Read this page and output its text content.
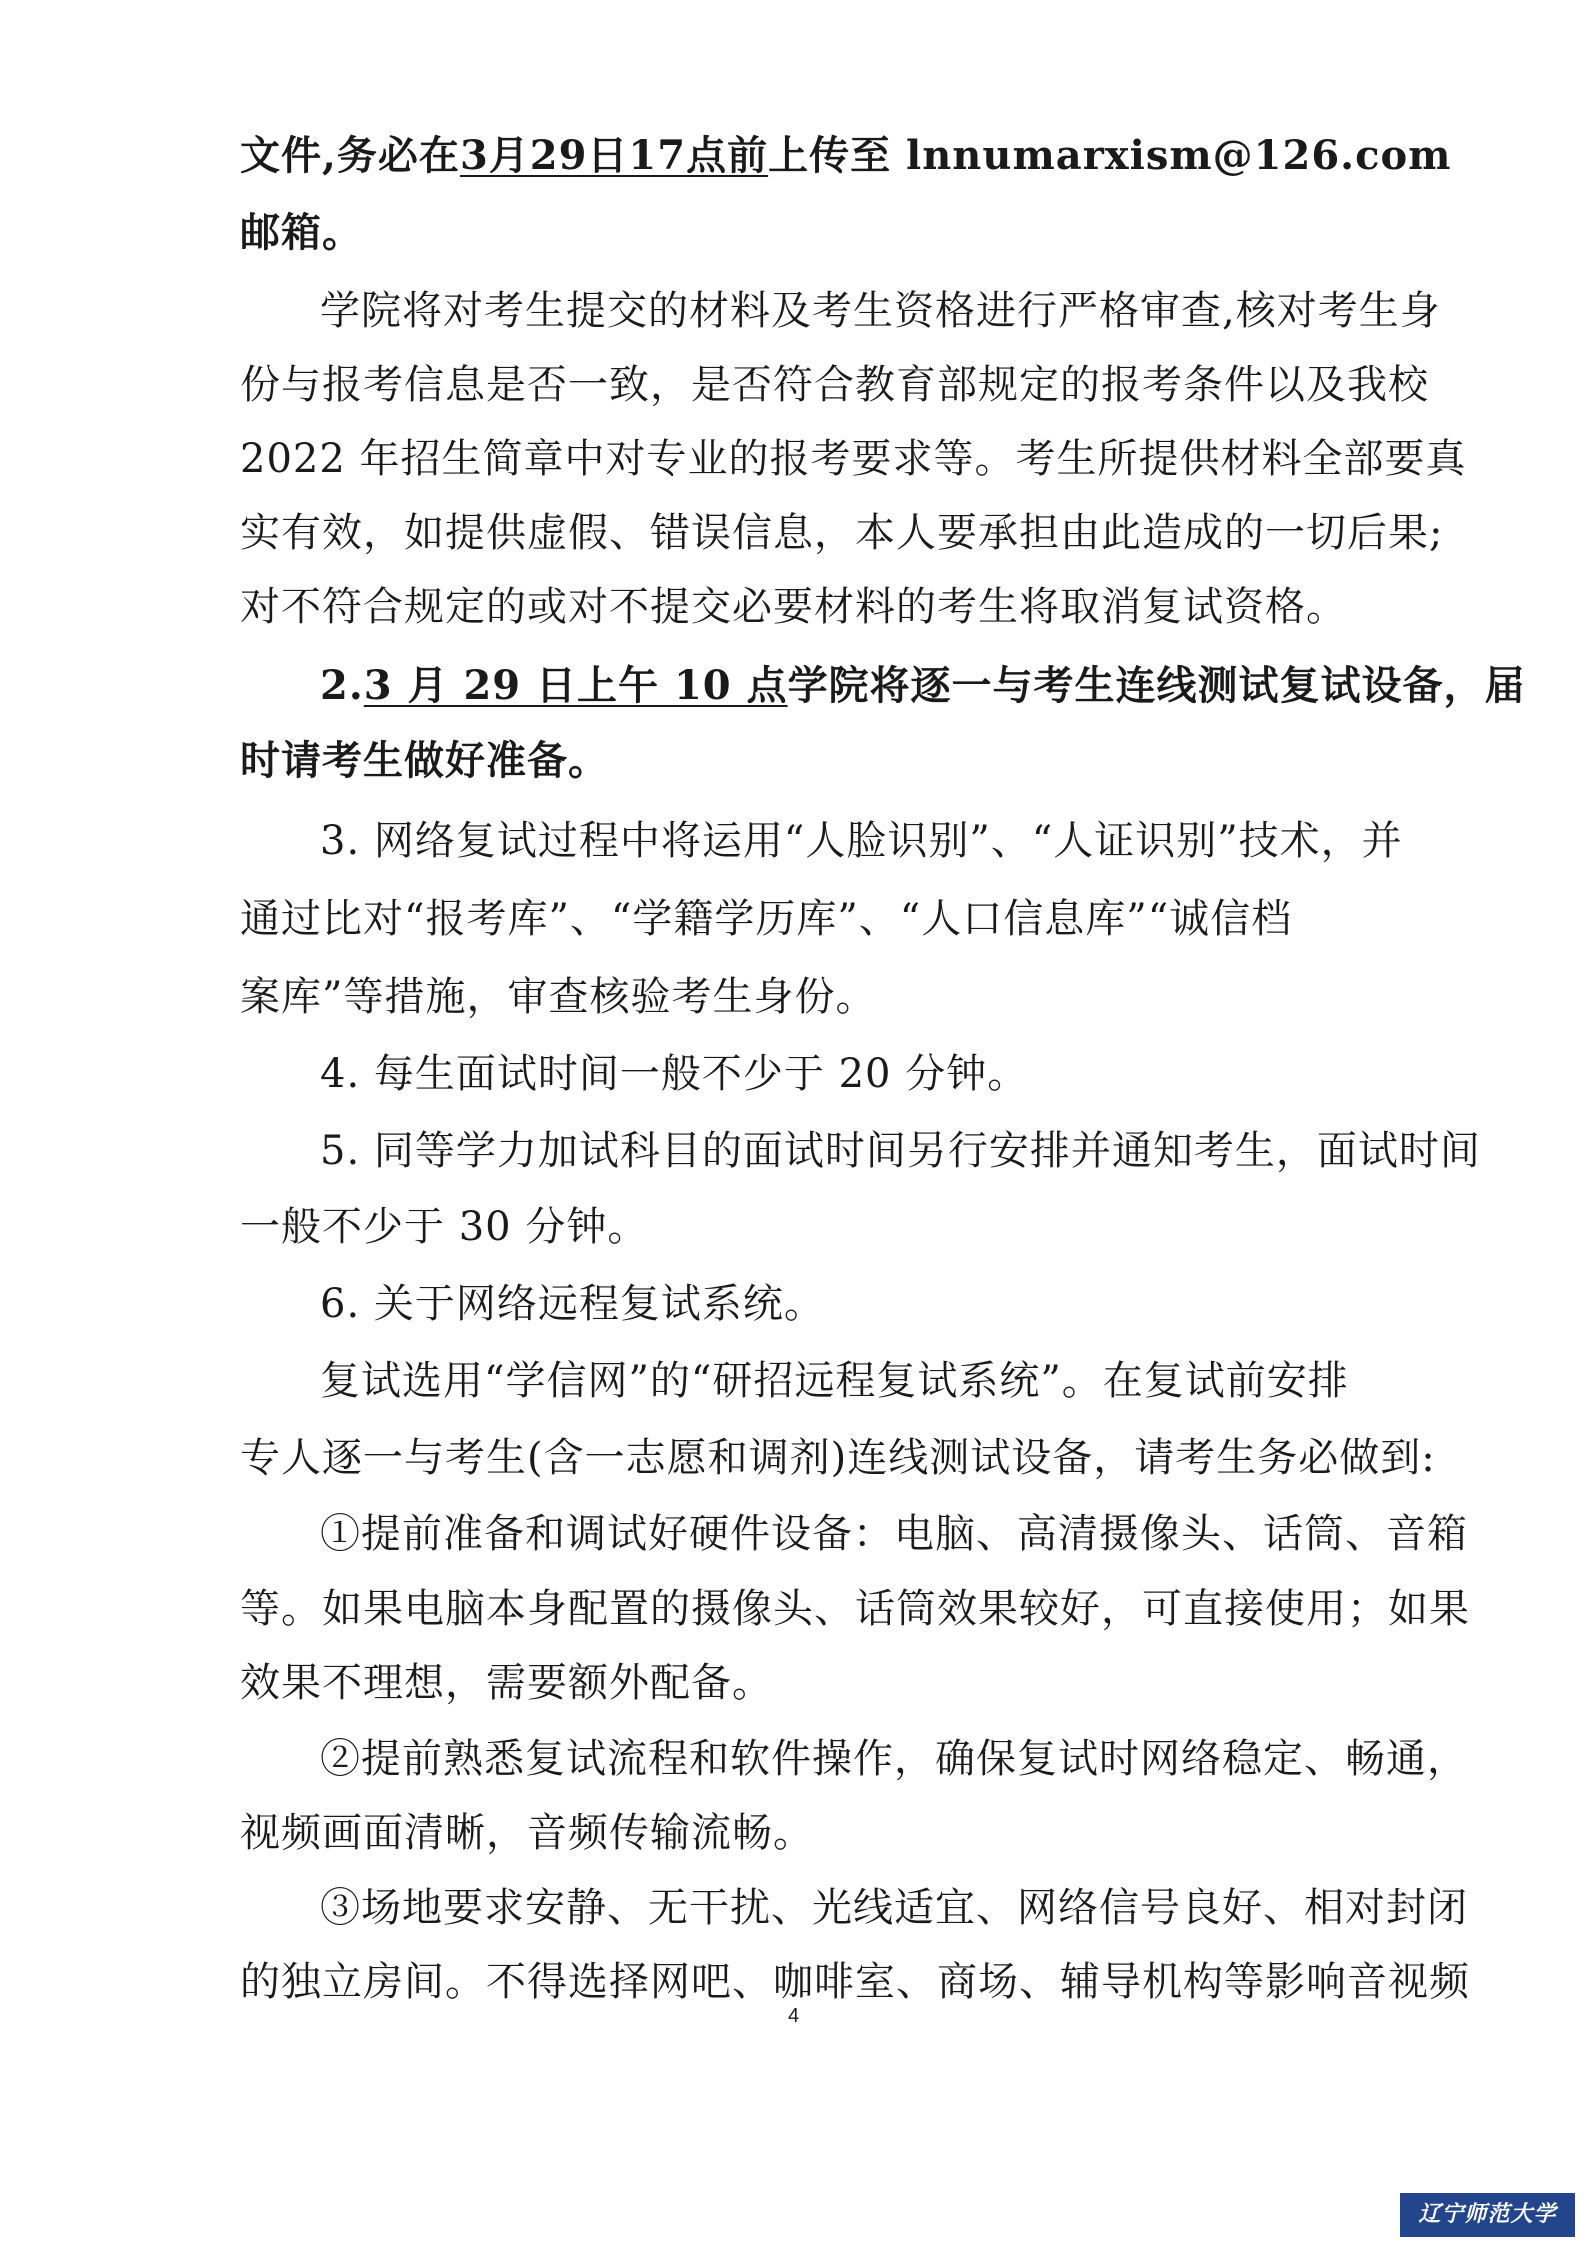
文件,务必在3月29日17点前上传至 lnnumarxism@126.com
邮箱。
学院将对考生提交的材料及考生资格进行严格审查,核对考生身
份与报考信息是否一致，是否符合教育部规定的报考条件以及我校
2022 年招生简章中对专业的报考要求等。考生所提供材料全部要真
实有效，如提供虚假、错误信息，本人要承担由此造成的一切后果;
对不符合规定的或对不提交必要材料的考生将取消复试资格。
2.3 月 29 日上午 10 点学院将逐一与考生连线测试复试设备，届
时请考生做好准备。
3. 网络复试过程中将运用“人脸识别”、“人证识别”技术，并
通过比对“报考库”、“学籍学历库”、“人口信息库”“诚信档
案库”等措施，审查核验考生身份。
4. 每生面试时间一般不少于 20 分钟。
5. 同等学力加试科目的面试时间另行安排并通知考生，面试时间
一般不少于 30 分钟。
6. 关于网络远程复试系统。
复试选用“学信网”的“研招远程复试系统”。在复试前安排
专人逐一与考生(含一志愿和调剂)连线测试设备，请考生务必做到:
①提前准备和调试好硬件设备：电脑、高清摄像头、话筒、音箱
等。如果电脑本身配置的摄像头、话筒效果较好，可直接使用；如果
效果不理想，需要额外配备。
②提前熟悉复试流程和软件操作，确保复试时网络稳定、畅通，
视频画面清晰，音频传输流畅。
③场地要求安静、无干扰、光线适宜、网络信号良好、相对封闭
的独立房间。不得选择网吧、咖啡室、商场、辅导机构等影响音视频
4
辽宁师范大学
